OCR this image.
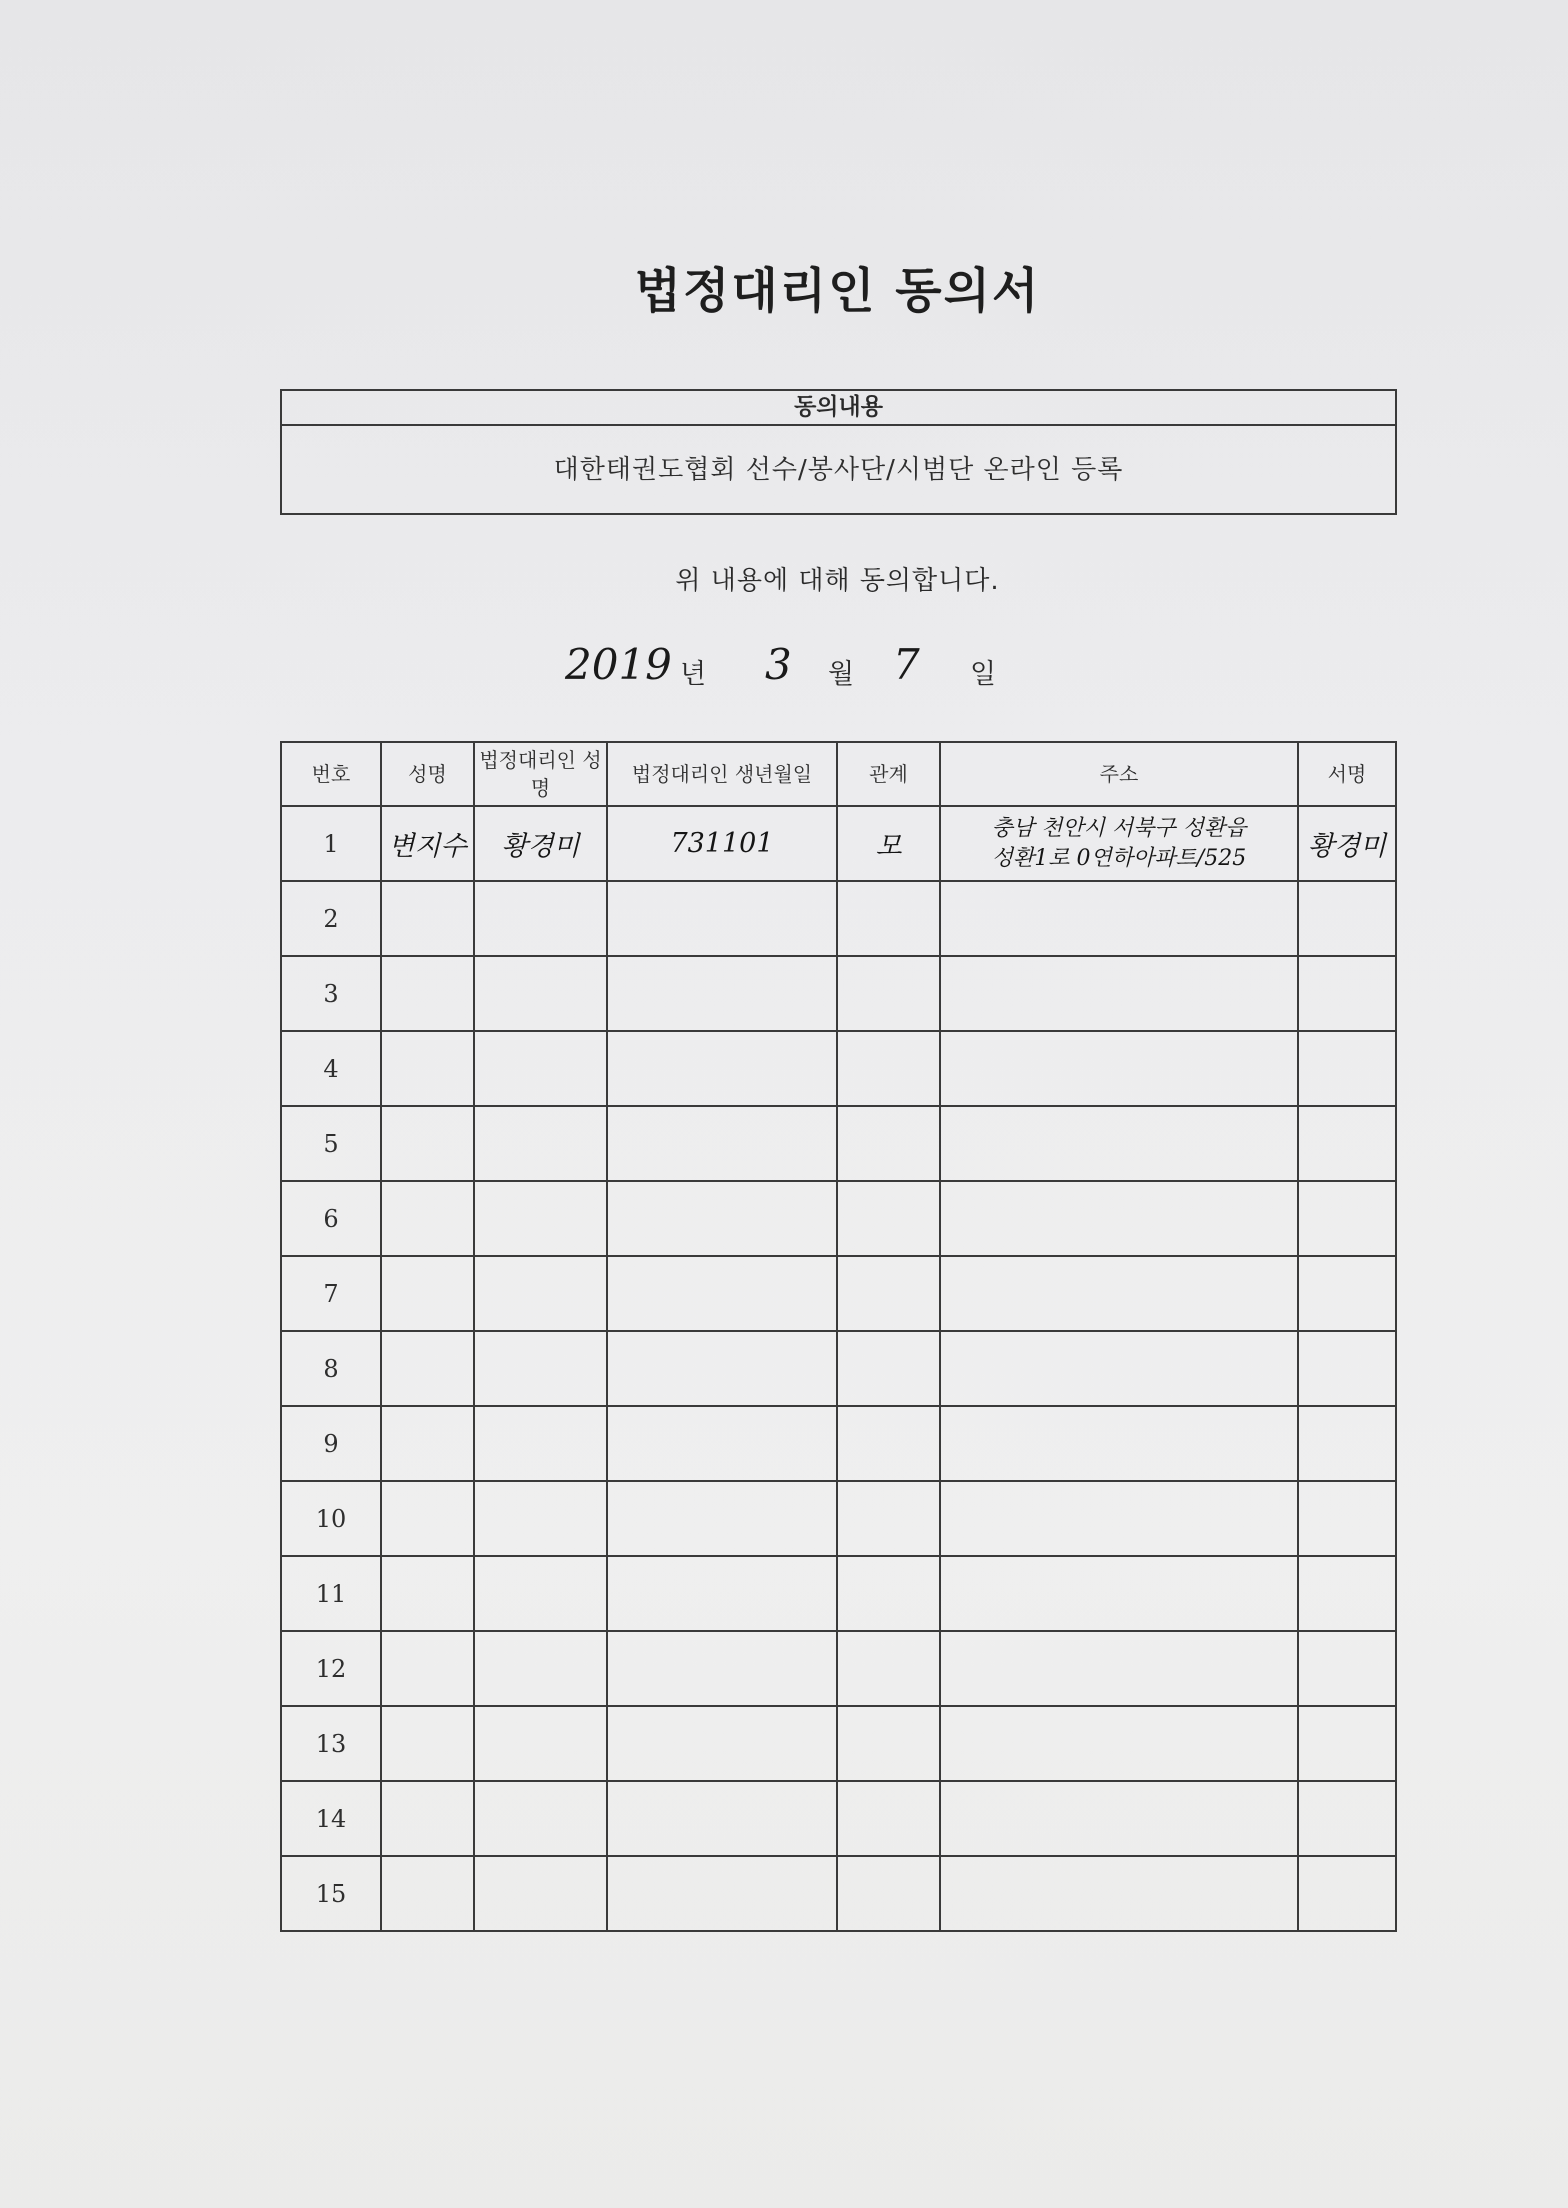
법정대리인 동의서
동의내용
대한태권도협회 선수/봉사단/시범단 온라인 등록
위 내용에 대해 동의합니다.
2019 년 3 월 7 일
번호	성명	법정대리인 성명	법정대리인 생년월일	관계	주소	서명
1	변지수	황경미	731101	모	충남 천안시 서북구 성환읍
성환1로 0연하아파트/525	황경미
2					

3					

4					

5					

6					

7					

8					

9					

10					

11					

12					

13					

14					

15					
